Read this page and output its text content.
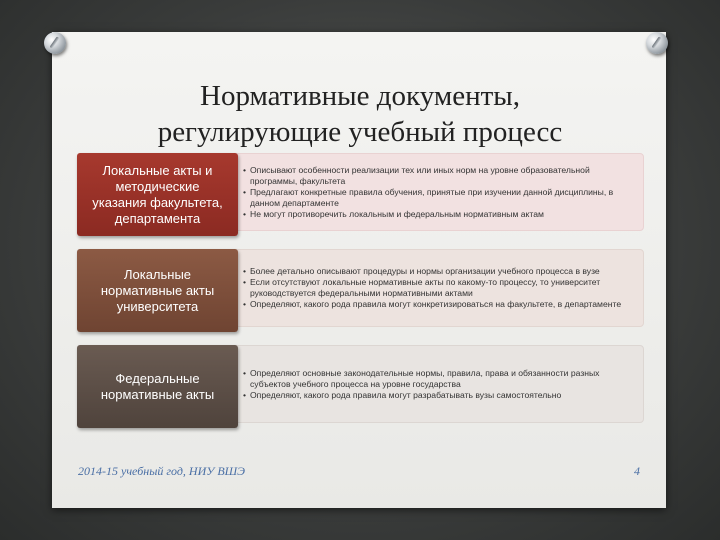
Нормативные документы,
регулирующие учебный процесс
Локальные акты и
методические
указания факультета,
департамента
• Описывают особенности реализации тех или иных норм на уровне образовательной программы, факультета
• Предлагают конкретные правила обучения, принятые при изучении данной дисциплины, в данном департаменте
• Не могут противоречить локальным и федеральным нормативным актам
Локальные
нормативные акты
университета
• Более детально описывают процедуры и нормы организации учебного процесса в вузе
• Если отсутствуют локальные нормативные акты по какому-то процессу, то университет руководствуется федеральными нормативными актами
• Определяют, какого рода правила могут конкретизироваться на факультете, в департаменте
Федеральные
нормативные акты
• Определяют основные законодательные нормы, правила, права и обязанности разных субъектов учебного процесса на уровне государства
• Определяют, какого рода правила могут разрабатывать вузы самостоятельно
2014-15 учебный год, НИУ ВШЭ	4
